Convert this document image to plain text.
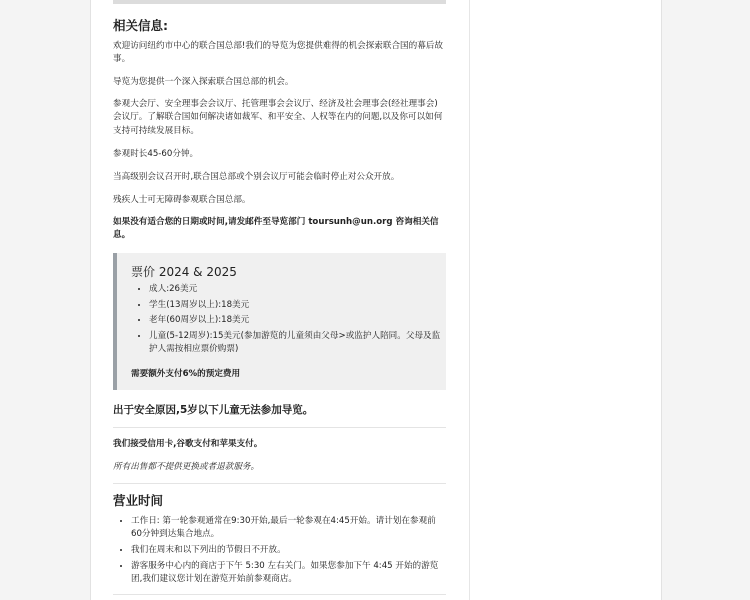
相关信息:

欢迎访问纽约市中心的联合国总部!我们的导览为您提供难得的机会探索联合国的幕后故事。

导览为您提供一个深入探索联合国总部的机会。

参观大会厅、安全理事会会议厅、托管理事会会议厅、经济及社会理事会(经社理事会)会议厅。了解联合国如何解决诸如裁军、和平安全、人权等在内的问题,以及你可以如何支持可持续发展目标。

参观时长45-60分钟。

当高级别会议召开时,联合国总部或个别会议厅可能会临时停止对公众开放。

残疾人士可无障碍参观联合国总部。

如果没有适合您的日期或时间,请发邮件至导览部门 toursunh@un.org 咨询相关信息。

票价 2024 & 2025
• 成人:26美元
• 学生(13周岁以上):18美元
• 老年(60周岁以上):18美元
• 儿童(5-12周岁):15美元(参加游览的儿童须由父母>或监护人陪同。父母及监护人需按相应票价购票)
需要额外支付6%的预定费用

出于安全原因,5岁以下儿童无法参加导览。

我们接受信用卡,谷歌支付和苹果支付。

所有出售都不提供更换或者退款服务。

营业时间
• 工作日: 第一轮参观通常在9:30开始,最后一轮参观在4:45开始。请计划在参观前60分钟到达集合地点。
• 我们在周末和以下列出的节假日不开放。
• 游客服务中心内的商店于下午 5:30 左右关门。如果您参加下午 4:45 开始的游览团,我们建议您计划在游览开始前参观商店。
